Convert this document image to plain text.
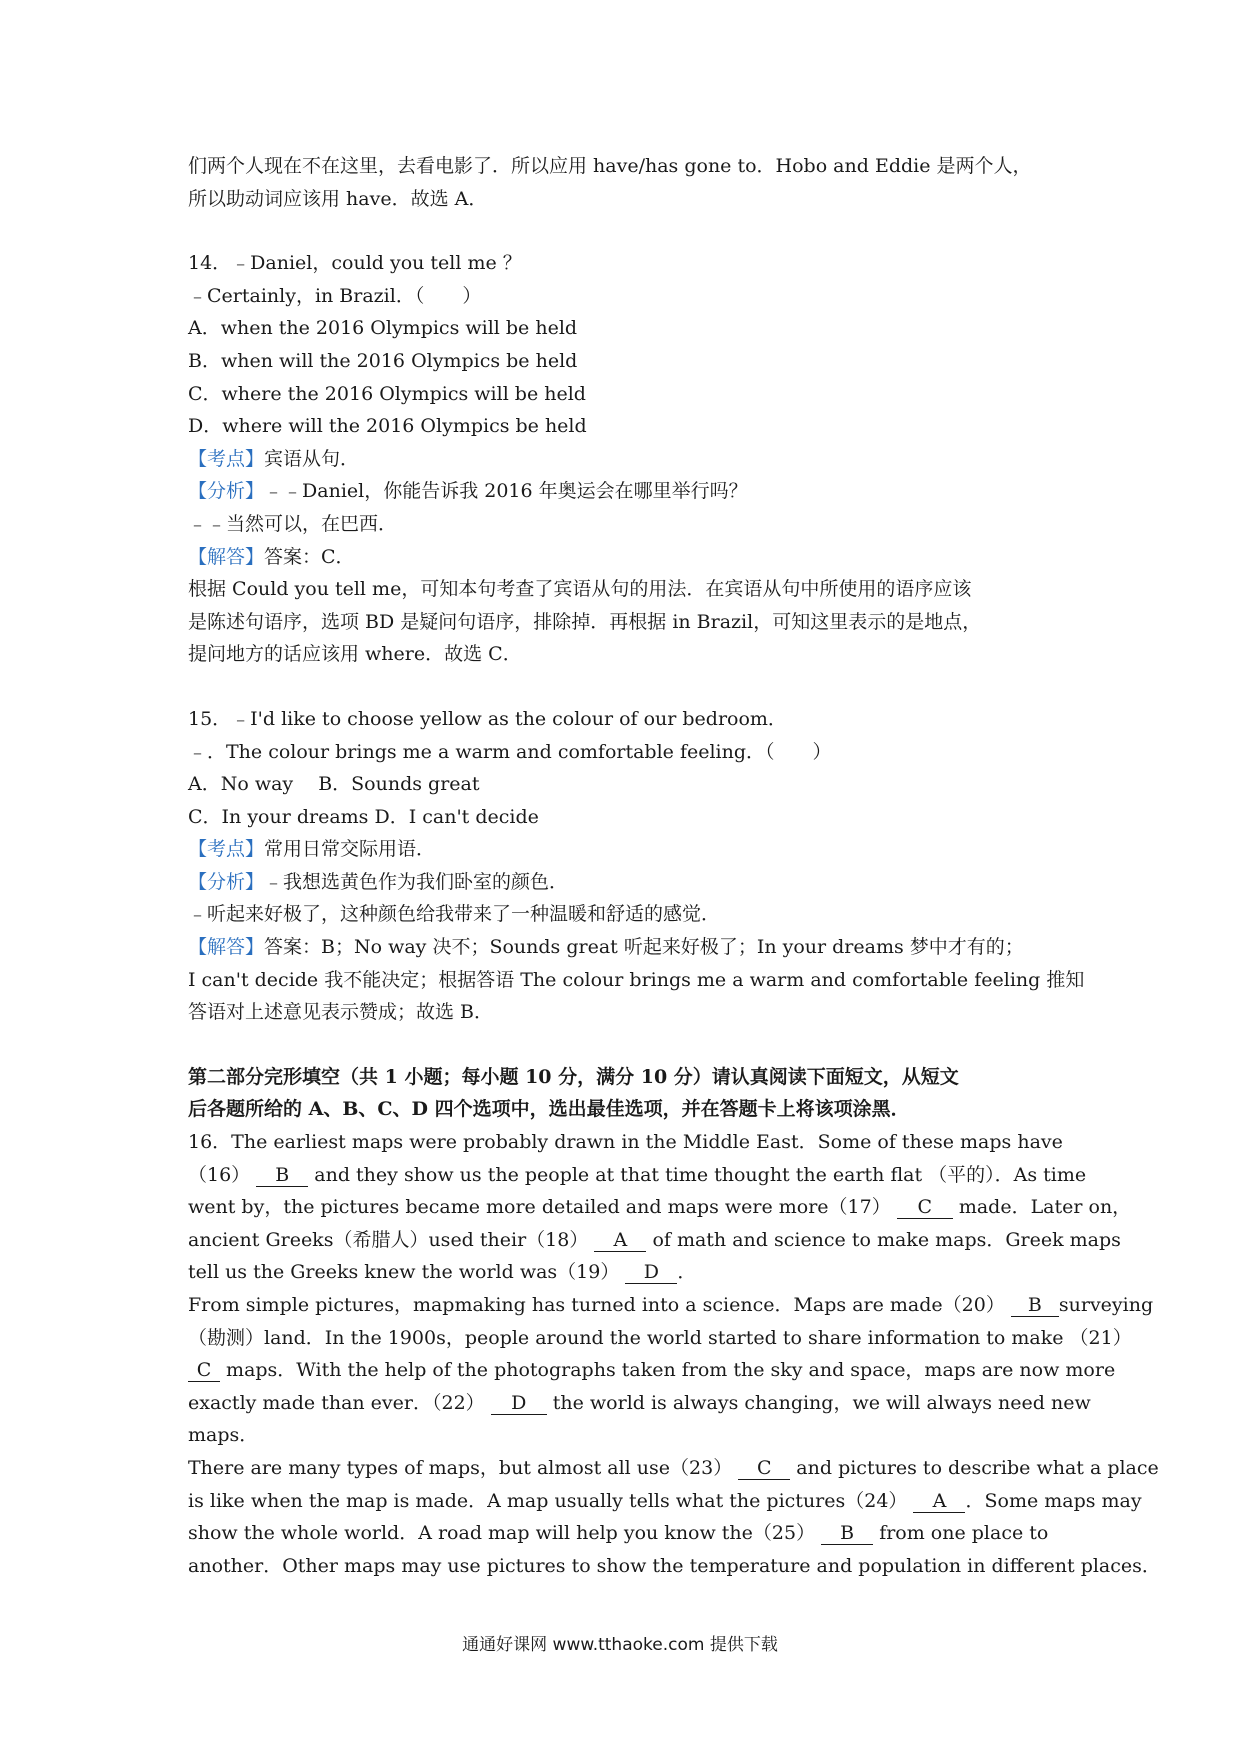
们两个人现在不在这里，去看电影了．所以应用 have/has gone to．Hobo and Eddie 是两个人，
所以助动词应该用 have．故选 A．
14．﹣Daniel，could you tell me ？
﹣Certainly，in Brazil．（　　）
A．when the 2016 Olympics will be held
B．when will the 2016 Olympics be held
C．where the 2016 Olympics will be held
D．where will the 2016 Olympics be held
【考点】宾语从句．
【分析】﹣﹣Daniel，你能告诉我 2016 年奥运会在哪里举行吗？
﹣﹣当然可以，在巴西．
【解答】答案：C．
根据 Could you tell me，可知本句考查了宾语从句的用法．在宾语从句中所使用的语序应该
是陈述句语序，选项 BD 是疑问句语序，排除掉．再根据 in Brazil，可知这里表示的是地点，
提问地方的话应该用 where．故选 C．
15．﹣I'd like to choose yellow as the colour of our bedroom．
﹣．The colour brings me a warm and comfortable feeling．（　　）
A．No way　 B．Sounds great
C．In your dreams D．I can't decide
【考点】常用日常交际用语．
【分析】﹣我想选黄色作为我们卧室的颜色．
﹣听起来好极了，这种颜色给我带来了一种温暖和舒适的感觉．
【解答】答案：B；No way 决不；Sounds great 听起来好极了；In your dreams 梦中才有的；
I can't decide 我不能决定；根据答语 The colour brings me a warm and comfortable feeling 推知
答语对上述意见表示赞成；故选 B．
第二部分完形填空（共 1 小题；每小题 10 分，满分 10 分）请认真阅读下面短文，从短文
后各题所给的 A、B、C、D 四个选项中，选出最佳选项，并在答题卡上将该项涂黑．
16．The earliest maps were probably drawn in the Middle East．Some of these maps have
（16） B and they show us the people at that time thought the earth flat （平的）．As time
went by，the pictures became more detailed and maps were more（17） C made．Later on，
ancient Greeks（希腊人）used their（18） A of math and science to make maps．Greek maps
tell us the Greeks knew the world was（19） D ．
From simple pictures，mapmaking has turned into a science．Maps are made（20） B surveying
（勘测）land．In the 1900s，people around the world started to share information to make （21）
C maps．With the help of the photographs taken from the sky and space，maps are now more
exactly made than ever．（22） D the world is always changing，we will always need new
maps．
There are many types of maps，but almost all use（23） C and pictures to describe what a place
is like when the map is made．A map usually tells what the pictures（24） A ．Some maps may
show the whole world．A road map will help you know the（25） B from one place to
another．Other maps may use pictures to show the temperature and population in different places．
通通好课网 www.tthaoke.com 提供下载
